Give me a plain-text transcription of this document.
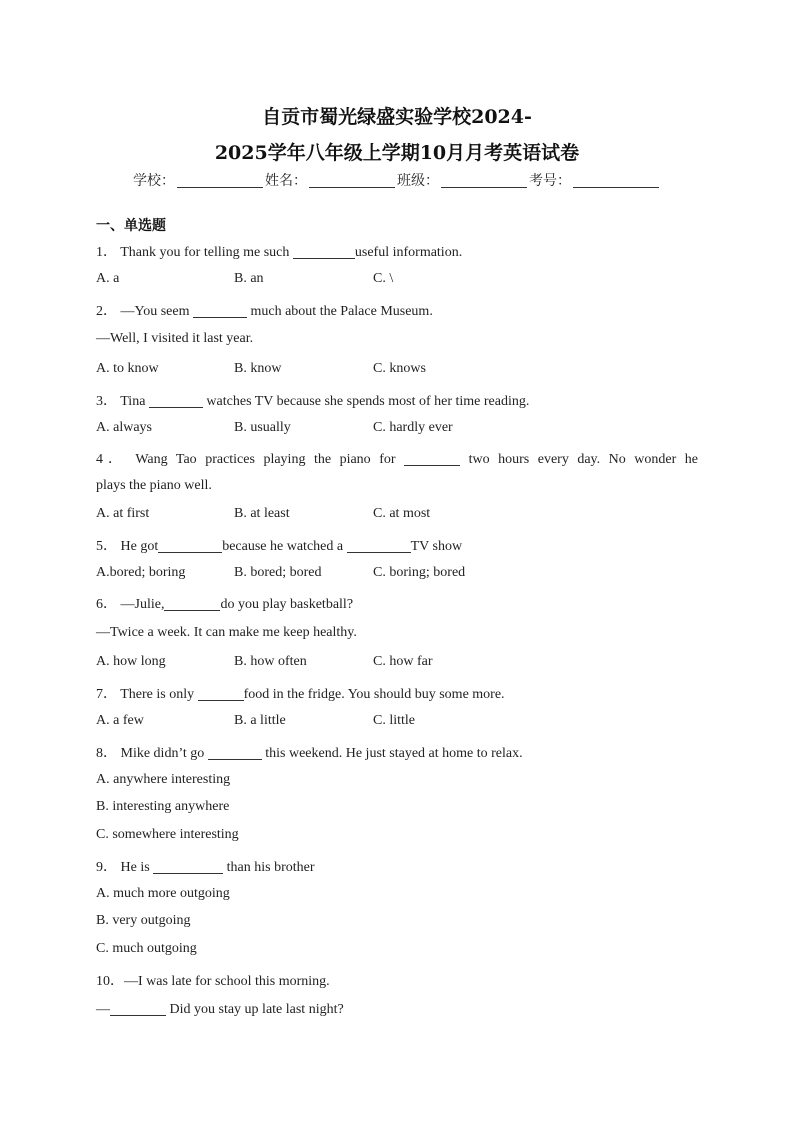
自贡市蜀光绿盛实验学校2024-
2025学年八年级上学期10月月考英语试卷
学校：	姓名：	班级：	考号：
一、单选题
1． Thank you for telling me such	useful information.
A. a	B. an	C. \
2． —You seem	much about the Palace Museum.
—Well, I visited it last year.
A. to know	B. know	C. knows
3． Tina	watches TV because she spends most of her time reading.
A. always	B. usually	C. hardly ever
4． Wang Tao practices playing the piano for	two hours every day. No wonder he
plays the piano well.
A. at first	B. at least	C. at most
5． He got	because he watched a	TV show
A.bored; boring	B. bored; bored	C. boring; bored
6． —Julie,	do you play basketball?
—Twice a week. It can make me keep healthy.
A. how long	B. how often	C. how far
7． There is only	food in the fridge. You should buy some more.
A. a few	B. a little	C. little
8． Mike didn’t go	this weekend. He just stayed at home to relax.
A. anywhere interesting
B. interesting anywhere
C. somewhere interesting
9． He is	than his brother
A. much more outgoing
B. very outgoing
C. much outgoing
10．—I was late for school this morning.
—	Did you stay up late last night?
